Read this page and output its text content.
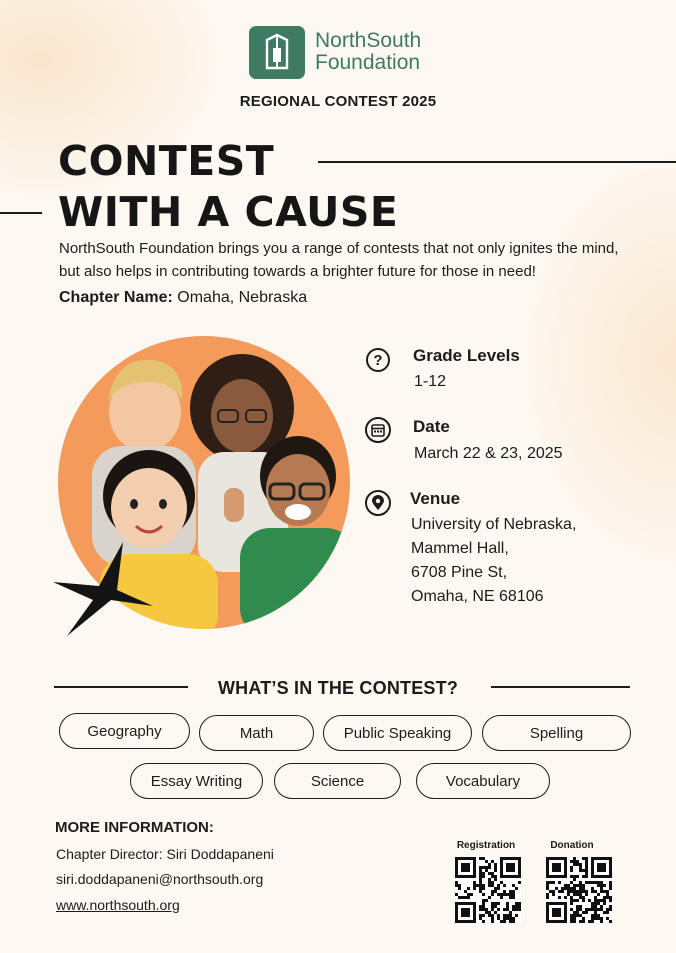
NorthSouth
Foundation
REGIONAL CONTEST 2025
CONTEST
WITH A CAUSE
NorthSouth Foundation brings you a range of contests that not only ignites the mind, but also helps in contributing towards a brighter future for those in need!
Chapter Name: Omaha, Nebraska
?	Grade Levels
1-12
Date
March 22 & 23, 2025
Venue
University of Nebraska,
Mammel Hall,
6708 Pine St,
Omaha, NE 68106
WHAT’S IN THE CONTEST?
Geography	Math	Public Speaking	Spelling
Essay Writing	Science	Vocabulary
MORE INFORMATION:
Chapter Director: Siri Doddapaneni
siri.doddapaneni@northsouth.org
www.northsouth.org
Registration	Donation
